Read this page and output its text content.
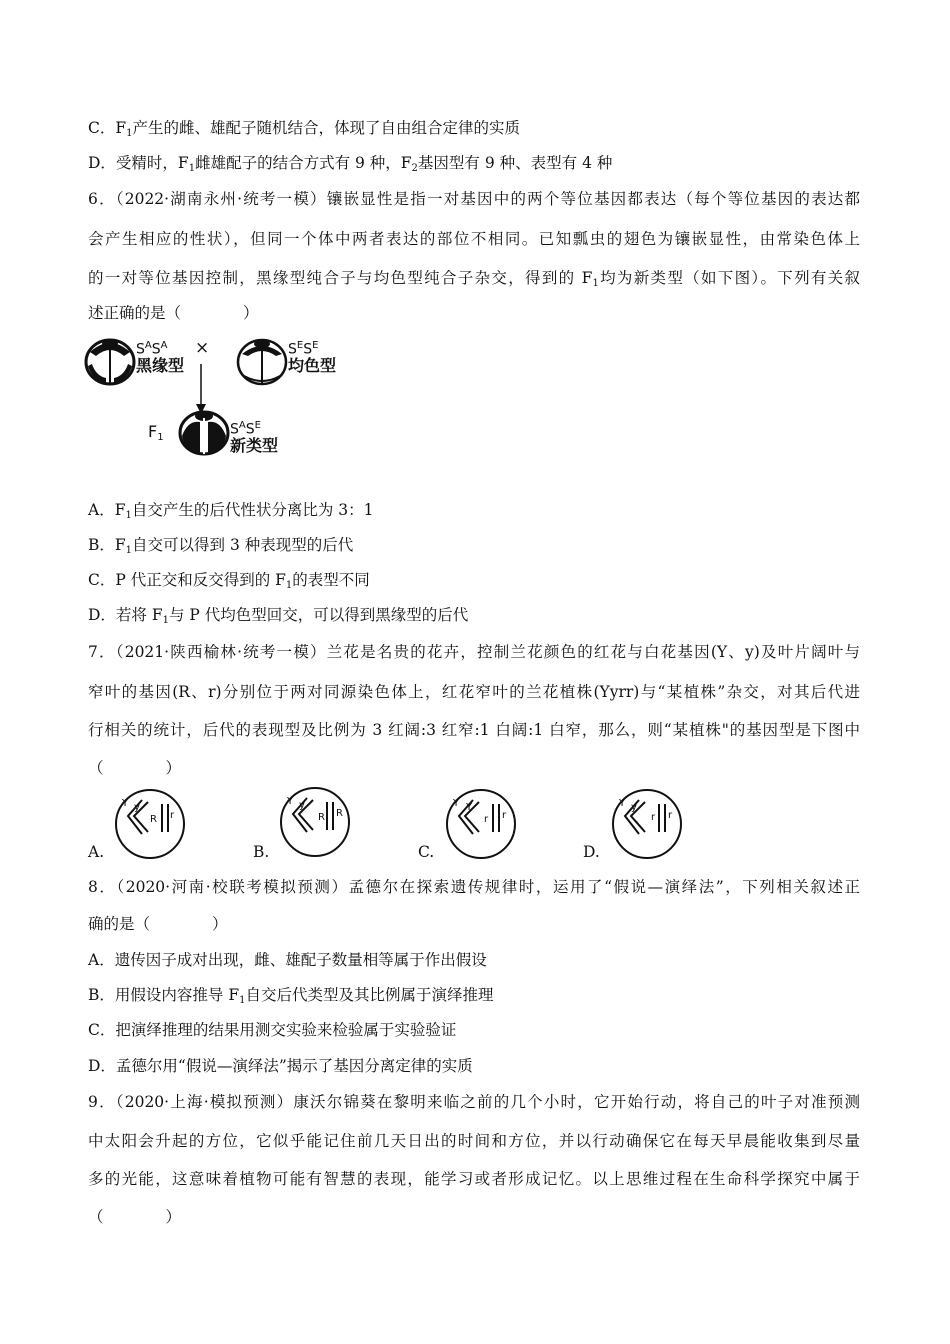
C．$F_1$产生的雌、雄配子随机结合，体现了自由组合定律的实质
D．受精时，$F_1$雌雄配子的结合方式有 9 种，$F_2$基因型有 9 种、表型有 4 种
6．（2022·湖南永州·统考一模）镶嵌显性是指一对基因中的两个等位基因都表达（每个等位基因的表达都
会产生相应的性状），但同一个体中两者表达的部位不相同。已知瓢虫的翅色为镶嵌显性，由常染色体上
的一对等位基因控制，黑缘型纯合子与均色型纯合子杂交，得到的 $F_1$均为新类型（如下图）。下列有关叙
述正确的是（　　　　）
$S^AS^A$
黑缘型
×	$S^ES^E$
均色型
$F_1$	$S^AS^E$
新类型
A．$F_1$自交产生的后代性状分离比为 3：1
B．$F_1$自交可以得到 3 种表现型的后代
C．P 代正交和反交得到的 $F_1$的表型不同
D．若将 $F_1$与 P 代均色型回交，可以得到黑缘型的后代
7．（2021·陕西榆林·统考一模）兰花是名贵的花卉，控制兰花颜色的红花与白花基因(Y、y)及叶片阔叶与
窄叶的基因(R、r)分别位于两对同源染色体上，红花窄叶的兰花植株(Yyrr)与“某植株”杂交，对其后代进
行相关的统计，后代的表现型及比例为 3 红阔:3 红窄:1 白阔:1 白窄，那么，则“某植株"的基因型是下图中
（　　　　）
A.
Y y
R r
B.
Y y
R R
C.
Y Y
r r
D.
Y y
r r
8．（2020·河南·校联考模拟预测）孟德尔在探索遗传规律时，运用了“假说—演绎法”，下列相关叙述正
确的是（　　　　）
A．遗传因子成对出现，雌、雄配子数量相等属于作出假设
B．用假设内容推导 $F_1$自交后代类型及其比例属于演绎推理
C．把演绎推理的结果用测交实验来检验属于实验验证
D．孟德尔用“假说—演绎法”揭示了基因分离定律的实质
9．（2020·上海·模拟预测）康沃尔锦葵在黎明来临之前的几个小时，它开始行动，将自己的叶子对准预测
中太阳会升起的方位，它似乎能记住前几天日出的时间和方位，并以行动确保它在每天早晨能收集到尽量
多的光能，这意味着植物可能有智慧的表现，能学习或者形成记忆。以上思维过程在生命科学探究中属于
（　　　　）
